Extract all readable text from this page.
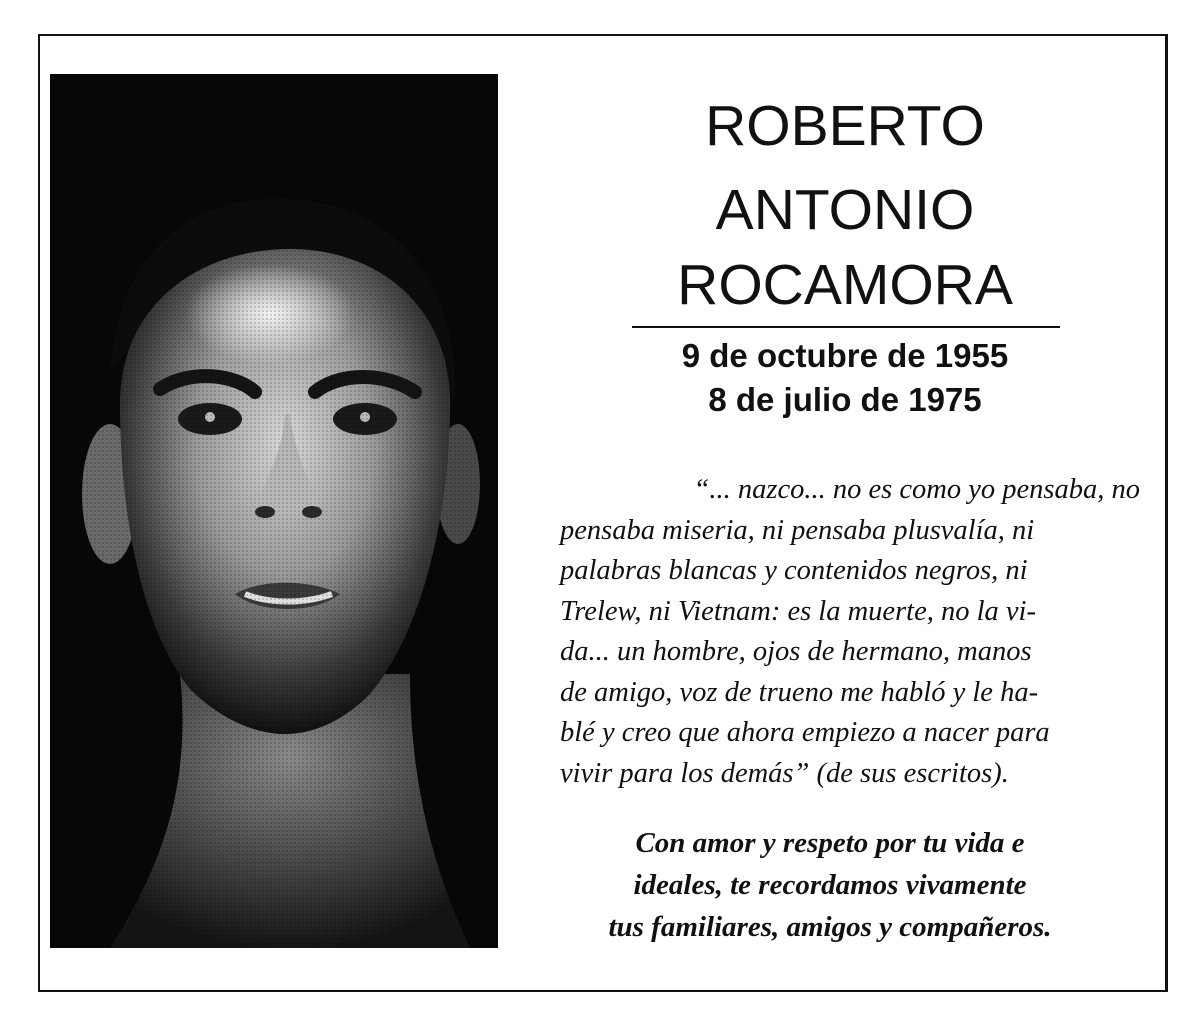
ROBERTO
ANTONIO
ROCAMORA
9 de octubre de 1955
8 de julio de 1975

“... nazco... no es como yo pensaba, no
pensaba miseria, ni pensaba plusvalía, ni
palabras blancas y contenidos negros, ni
Trelew, ni Vietnam: es la muerte, no la vi-
da... un hombre, ojos de hermano, manos
de amigo, voz de trueno me habló y le ha-
blé y creo que ahora empiezo a nacer para
vivir para los demás” (de sus escritos).

Con amor y respeto por tu vida e
ideales, te recordamos vivamente
tus familiares, amigos y compañeros.
